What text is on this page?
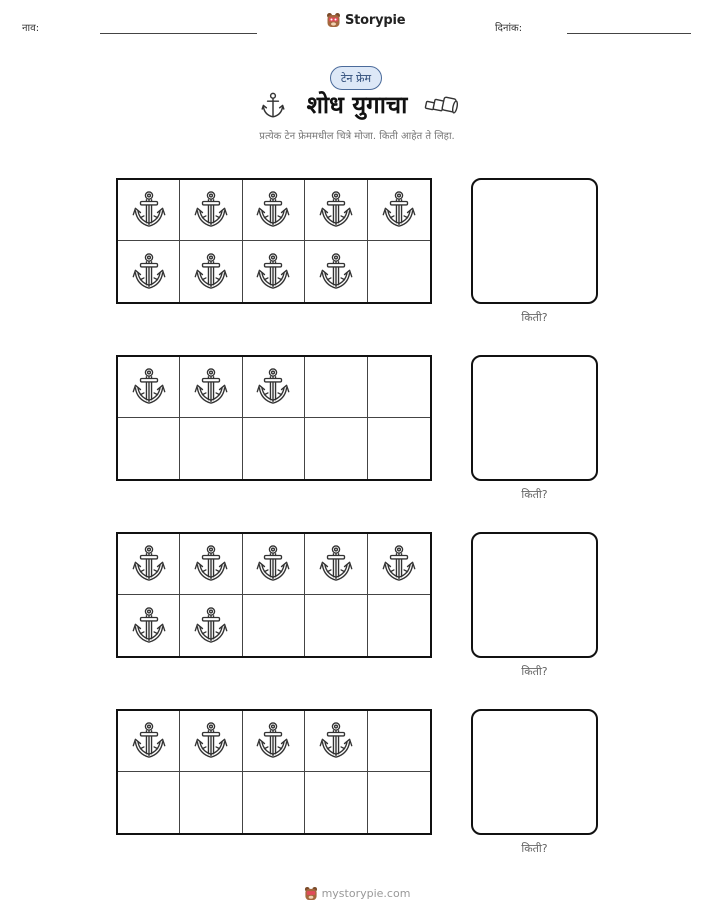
नाव:
Storypie
दिनांक:
टेन फ्रेम
शोध युगाचा
प्रत्येक टेन फ्रेममधील चित्रे मोजा. किती आहेत ते लिहा.
किती?
किती?
किती?
किती?
mystorypie.com
